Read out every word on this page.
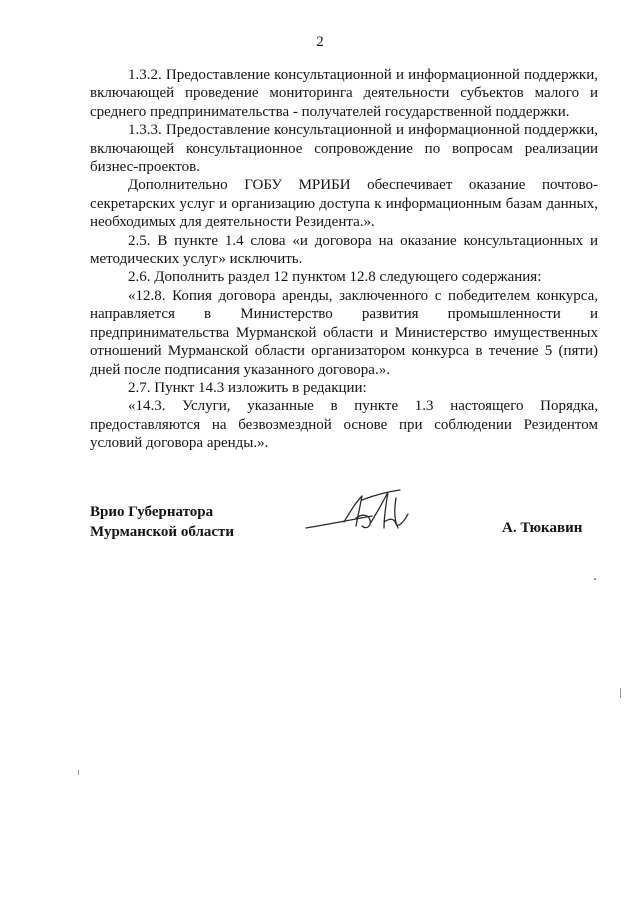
2

1.3.2. Предоставление консультационной и информационной поддержки, включающей проведение мониторинга деятельности субъектов малого и среднего предпринимательства - получателей государственной поддержки.

1.3.3. Предоставление консультационной и информационной поддержки, включающей консультационное сопровождение по вопросам реализации бизнес-проектов.

Дополнительно ГОБУ МРИБИ обеспечивает оказание почтово-секретарских услуг и организацию доступа к информационным базам данных, необходимых для деятельности Резидента.».

2.5. В пункте 1.4 слова «и договора на оказание консультационных и методических услуг» исключить.

2.6. Дополнить раздел 12 пунктом 12.8 следующего содержания:

«12.8. Копия договора аренды, заключенного с победителем конкурса, направляется в Министерство развития промышленности и предпринимательства Мурманской области и Министерство имущественных отношений Мурманской области организатором конкурса в течение 5 (пяти) дней после подписания указанного договора.».

2.7. Пункт 14.3 изложить в редакции:

«14.3. Услуги, указанные в пункте 1.3 настоящего Порядка, предоставляются на безвозмездной основе при соблюдении Резидентом условий договора аренды.».

Врио Губернатора
Мурманской области	А. Тюкавин
